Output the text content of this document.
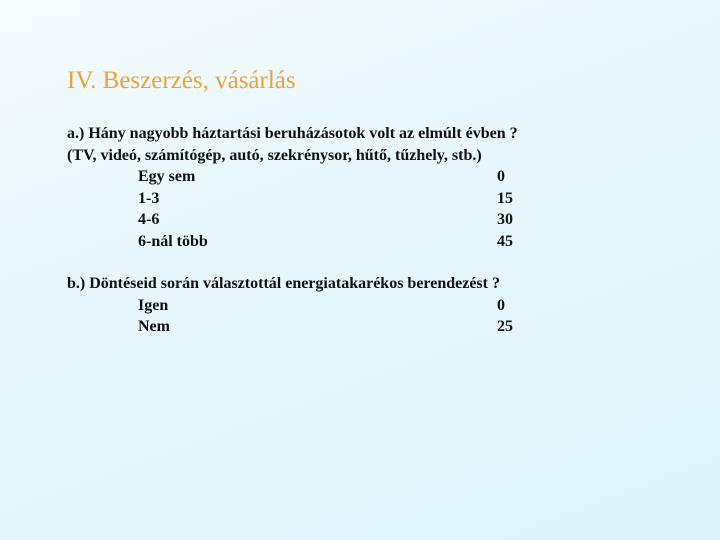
IV. Beszerzés, vásárlás
a.) Hány nagyobb háztartási beruházásotok volt az elmúlt évben ?
(TV, videó, számítógép, autó, szekrénysor, hűtő, tűzhely, stb.)
Egy sem	0
1-3	15
4-6	30
6-nál több	45
b.) Döntéseid során választottál energiatakarékos berendezést ?
Igen	0
Nem	25
